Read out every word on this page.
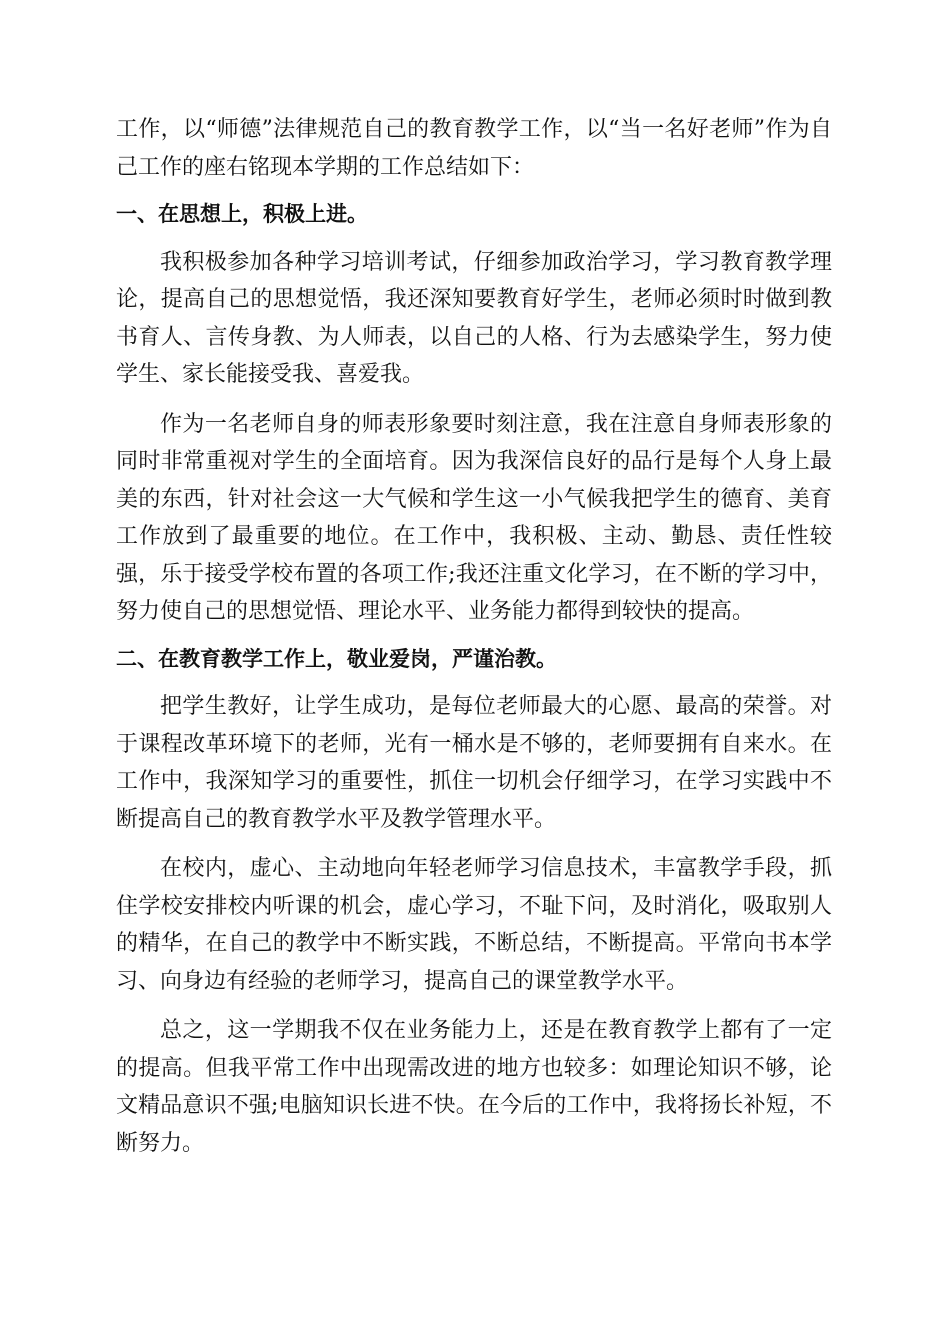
工作，以“师德”法律规范自己的教育教学工作，以“当一名好老师”作为自己工作的座右铭现本学期的工作总结如下：

一、在思想上，积极上进。

我积极参加各种学习培训考试，仔细参加政治学习，学习教育教学理论，提高自己的思想觉悟，我还深知要教育好学生，老师必须时时做到教书育人、言传身教、为人师表，以自己的人格、行为去感染学生，努力使学生、家长能接受我、喜爱我。

作为一名老师自身的师表形象要时刻注意，我在注意自身师表形象的同时非常重视对学生的全面培育。因为我深信良好的品行是每个人身上最美的东西，针对社会这一大气候和学生这一小气候我把学生的德育、美育工作放到了最重要的地位。在工作中，我积极、主动、勤恳、责任性较强，乐于接受学校布置的各项工作;我还注重文化学习，在不断的学习中，努力使自己的思想觉悟、理论水平、业务能力都得到较快的提高。

二、在教育教学工作上，敬业爱岗，严谨治教。

把学生教好，让学生成功，是每位老师最大的心愿、最高的荣誉。对于课程改革环境下的老师，光有一桶水是不够的，老师要拥有自来水。在工作中，我深知学习的重要性，抓住一切机会仔细学习，在学习实践中不断提高自己的教育教学水平及教学管理水平。

在校内，虚心、主动地向年轻老师学习信息技术，丰富教学手段，抓住学校安排校内听课的机会，虚心学习，不耻下问，及时消化，吸取别人的精华，在自己的教学中不断实践，不断总结，不断提高。平常向书本学习、向身边有经验的老师学习，提高自己的课堂教学水平。

总之，这一学期我不仅在业务能力上，还是在教育教学上都有了一定的提高。但我平常工作中出现需改进的地方也较多：如理论知识不够，论文精品意识不强;电脑知识长进不快。在今后的工作中，我将扬长补短，不断努力。
